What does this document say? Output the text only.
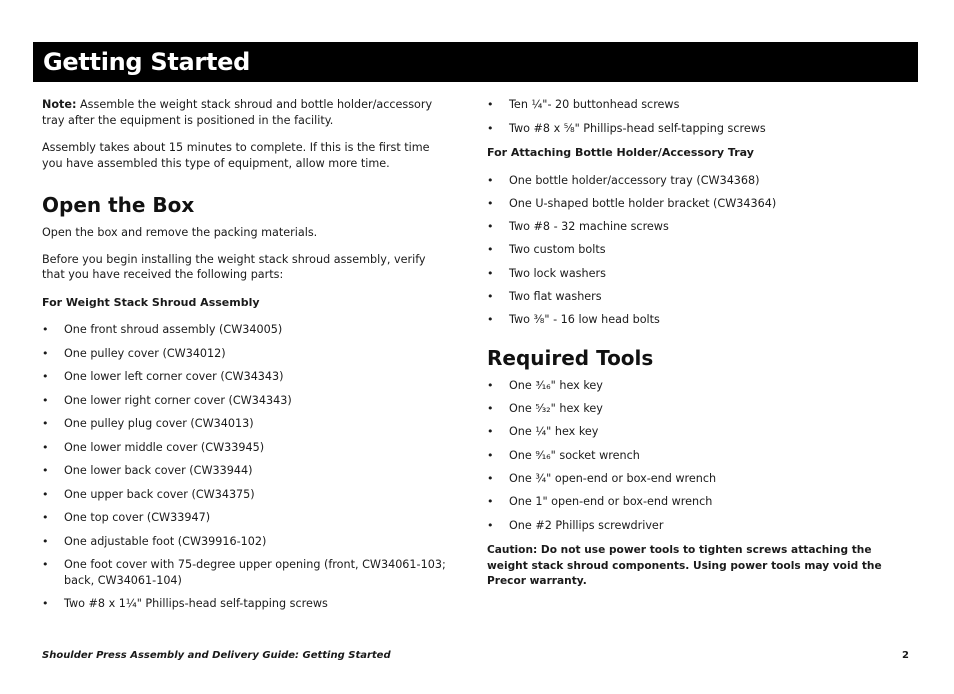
Getting Started

Note: Assemble the weight stack shroud and bottle holder/accessory tray after the equipment is positioned in the facility.

Assembly takes about 15 minutes to complete. If this is the first time you have assembled this type of equipment, allow more time.

Open the Box

Open the box and remove the packing materials.

Before you begin installing the weight stack shroud assembly, verify that you have received the following parts:

For Weight Stack Shroud Assembly

• One front shroud assembly (CW34005)
• One pulley cover (CW34012)
• One lower left corner cover (CW34343)
• One lower right corner cover (CW34343)
• One pulley plug cover (CW34013)
• One lower middle cover (CW33945)
• One lower back cover (CW33944)
• One upper back cover (CW34375)
• One top cover (CW33947)
• One adjustable foot (CW39916-102)
• One foot cover with 75-degree upper opening (front, CW34061-103; back, CW34061-104)
• Two #8 x 1¼" Phillips-head self-tapping screws
• Ten ¼"- 20 buttonhead screws
• Two #8 x ⅝" Phillips-head self-tapping screws

For Attaching Bottle Holder/Accessory Tray

• One bottle holder/accessory tray (CW34368)
• One U-shaped bottle holder bracket (CW34364)
• Two #8 - 32 machine screws
• Two custom bolts
• Two lock washers
• Two flat washers
• Two ⅜" - 16 low head bolts
Required Tools
• One ³⁄₁₆" hex key
• One ⁵⁄₃₂" hex key
• One ¼" hex key
• One ⁹⁄₁₆" socket wrench
• One ¾" open-end or box-end wrench
• One 1" open-end or box-end wrench
• One #2 Phillips screwdriver

Caution: Do not use power tools to tighten screws attaching the weight stack shroud components. Using power tools may void the Precor warranty.

Shoulder Press Assembly and Delivery Guide: Getting Started	2
